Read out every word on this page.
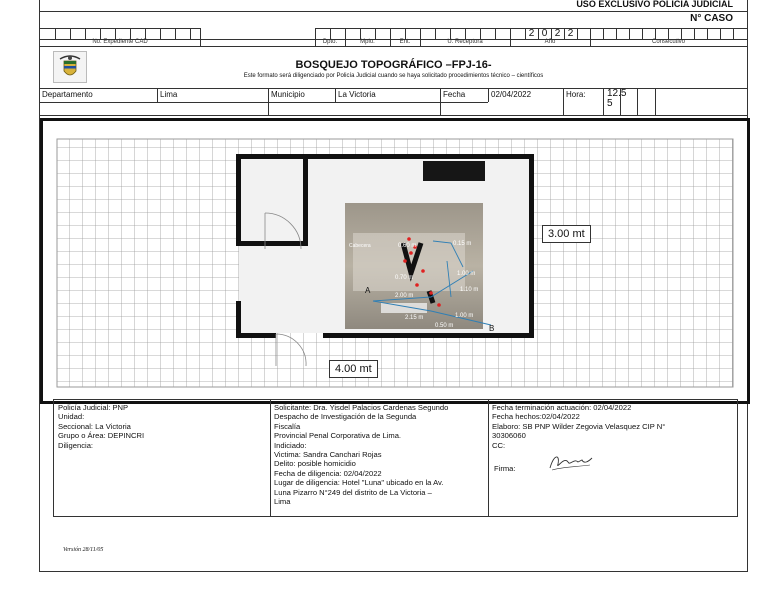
USO EXCLUSIVO POLICIA JUDICIAL
N° CASO
2 0 2 2
No. Expediente CAD	Dpto.	Mpio.	Ent.	U. Receptora	Año	Consecutivo
BOSQUEJO TOPOGRÁFICO –FPJ-16-
Este formato será diligenciado por Policía Judicial cuando se haya solicitado procedimientos técnico – científicos
Departamento	Lima	Municipio	La Victoria	Fecha	02/04/2022	Hora: 12.5 5
Versión 28/11/05
0.60 m	0.15 m
0.70 m
1.00 m
1.10 m
2.00 m
2.15 m	1.00 m
0.50 m
A
B
Cabecera
3.00 mt
4.00 mt
Policía Judicial: PNP
Unidad:
Seccional: La Victoria
Grupo o Área: DEPINCRI
Diligencia:
Solicitante: Dra. Yisdel Palacios Cardenas Segundo
Despacho de Investigación de la Segunda
Fiscalía
Provincial Penal Corporativa de Lima.
Indiciado:
Victima: Sandra Canchari Rojas
Delito: posible homicidio
Fecha de diligencia: 02/04/2022
Lugar de diligencia: Hotel "Luna" ubicado en la Av.
Luna Pizarro N°249 del distrito de La Victoria –
Lima
Fecha terminación actuación: 02/04/2022
Fecha hechos:02/04/2022
Elaboro: SB PNP Wilder Zegovia Velasquez CIP N°
30306060
CC:
Firma:
